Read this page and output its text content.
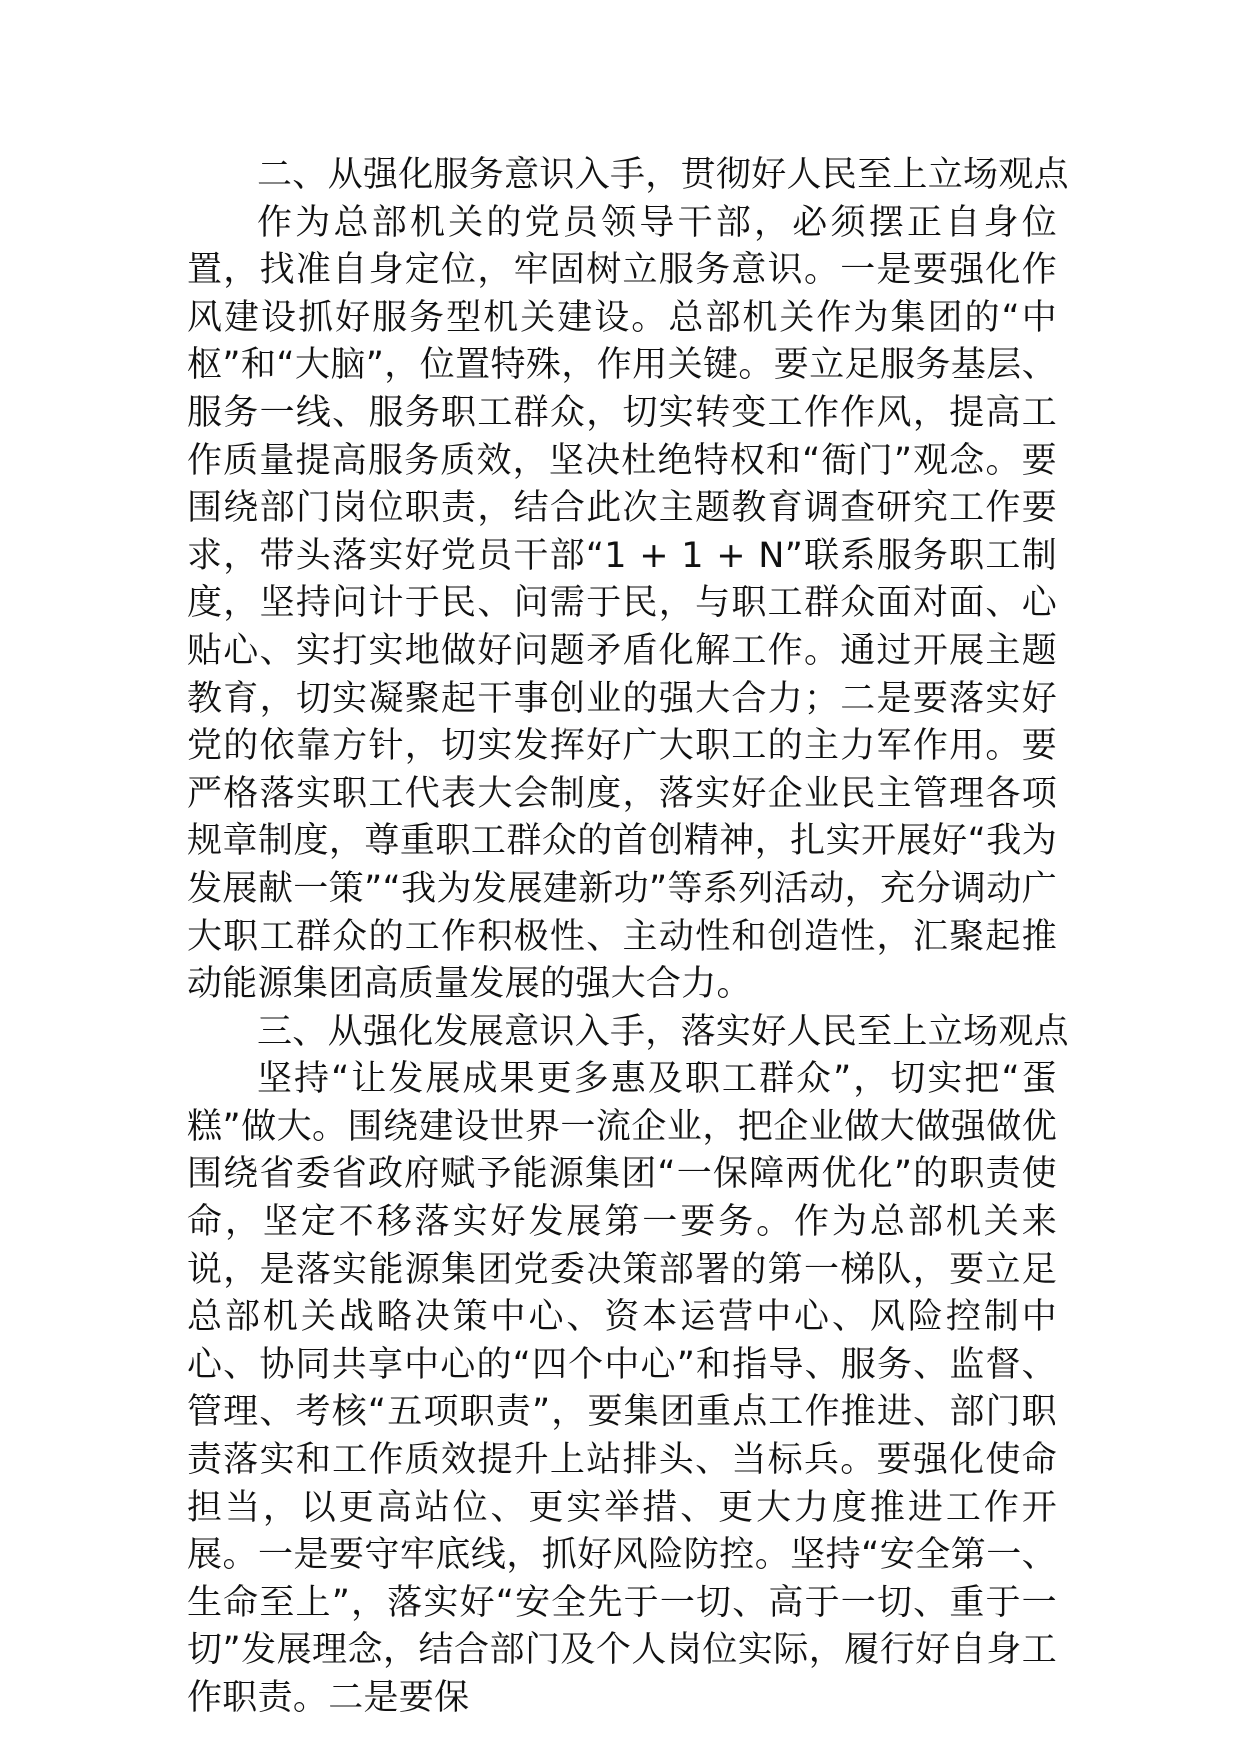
二、从强化服务意识入手，贯彻好人民至上立场观点

作为总部机关的党员领导干部，必须摆正自身位置，找准自身定位，牢固树立服务意识。一是要强化作风建设抓好服务型机关建设。总部机关作为集团的“中枢”和“大脑”，位置特殊，作用关键。要立足服务基层、服务一线、服务职工群众，切实转变工作作风，提高工作质量提高服务质效，坚决杜绝特权和“衙门”观念。要围绕部门岗位职责，结合此次主题教育调查研究工作要求，带头落实好党员干部“1 + 1 + N”联系服务职工制度，坚持问计于民、问需于民，与职工群众面对面、心贴心、实打实地做好问题矛盾化解工作。通过开展主题教育，切实凝聚起干事创业的强大合力；二是要落实好党的依靠方针，切实发挥好广大职工的主力军作用。要严格落实职工代表大会制度，落实好企业民主管理各项规章制度，尊重职工群众的首创精神，扎实开展好“我为发展献一策”“我为发展建新功”等系列活动，充分调动广大职工群众的工作积极性、主动性和创造性，汇聚起推动能源集团高质量发展的强大合力。

三、从强化发展意识入手，落实好人民至上立场观点

坚持“让发展成果更多惠及职工群众”，切实把“蛋糕”做大。围绕建设世界一流企业，把企业做大做强做优围绕省委省政府赋予能源集团“一保障两优化”的职责使命，坚定不移落实好发展第一要务。作为总部机关来说，是落实能源集团党委决策部署的第一梯队，要立足总部机关战略决策中心、资本运营中心、风险控制中心、协同共享中心的“四个中心”和指导、服务、监督、管理、考核“五项职责”，要集团重点工作推进、部门职责落实和工作质效提升上站排头、当标兵。要强化使命担当，以更高站位、更实举措、更大力度推进工作开展。一是要守牢底线，抓好风险防控。坚持“安全第一、生命至上”，落实好“安全先于一切、高于一切、重于一切”发展理念，结合部门及个人岗位实际，履行好自身工作职责。二是要保
